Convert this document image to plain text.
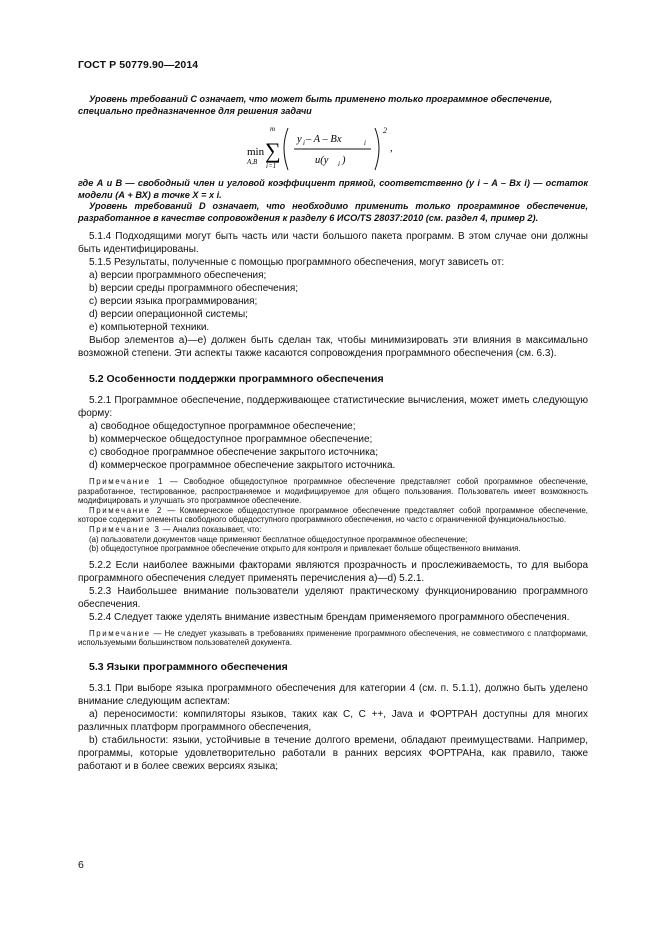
ГОСТ Р 50779.90—2014

Уровень требований С означает, что может быть применено только программное обеспечение,

специально предназначенное для решения задачи

min
A,B
m
∑
i=1
y i – A – Bx	i
u(y i )
2
,

где А и В — свободный член и угловой коэффициент прямой, соответственно (y i – A – Bx i) — остаток модели (А + ВХ) в точке Х = x i.

Уровень требований D означает, что необходимо применить только программное обеспечение, разработанное в качестве сопровождения к разделу 6 ИСО/TS 28037:2010 (см. раздел 4, пример 2).

5.1.4 Подходящими могут быть часть или части большого пакета программ. В этом случае они должны быть идентифицированы.

5.1.5 Результаты, полученные с помощью программного обеспечения, могут зависеть от:

а) версии программного обеспечения;

b) версии среды программного обеспечения;

с) версии языка программирования;

d) версии операционной системы;

е) компьютерной техники.

Выбор элементов а)—е) должен быть сделан так, чтобы минимизировать эти влияния в максимально возможной степени. Эти аспекты также касаются сопровождения программного обеспечения (см. 6.3).

5.2 Особенности поддержки программного обеспечения

5.2.1 Программное обеспечение, поддерживающее статистические вычисления, может иметь следующую форму:

а) свободное общедоступное программное обеспечение;

b) коммерческое общедоступное программное обеспечение;

с) свободное программное обеспечение закрытого источника;

d) коммерческое программное обеспечение закрытого источника.

Примечание 1 — Свободное общедоступное программное обеспечение представляет собой программное обеспечение, разработанное, тестированное, распространяемое и модифицируемое для общего пользования. Пользователь имеет возможность модифицировать и улучшать это программное обеспечение.

Примечание 2 — Коммерческое общедоступное программное обеспечение представляет собой программное обеспечение, которое содержит элементы свободного общедоступного программного обеспечения, но часто с ограниченной функциональностью.

Примечание 3 — Анализ показывает, что:

(а) пользователи документов чаще применяют бесплатное общедоступное программное обеспечение;

(b) общедоступное программное обеспечение открыто для контроля и привлекает больше общественного внимания.

5.2.2 Если наиболее важными факторами являются прозрачность и прослеживаемость, то для выбора программного обеспечения следует применять перечисления а)—d) 5.2.1.

5.2.3 Наибольшее внимание пользователи уделяют практическому функционированию программного обеспечения.

5.2.4 Следует также уделять внимание известным брендам применяемого программного обеспечения.

Примечание — Не следует указывать в требованиях применение программного обеспечения, не совместимого с платформами, используемыми большинством пользователей документа.

5.3 Языки программного обеспечения

5.3.1 При выборе языка программного обеспечения для категории 4 (см. п. 5.1.1), должно быть уделено внимание следующим аспектам:

а) переносимости: компиляторы языков, таких как С, С ++, Java и ФОРТРАН доступны для многих различных платформ программного обеспечения,

b) стабильности: языки, устойчивые в течение долгого времени, обладают преимуществами. Например, программы, которые удовлетворительно работали в ранних версиях ФОРТРАНа, как правило, также работают и в более свежих версиях языка;

6
